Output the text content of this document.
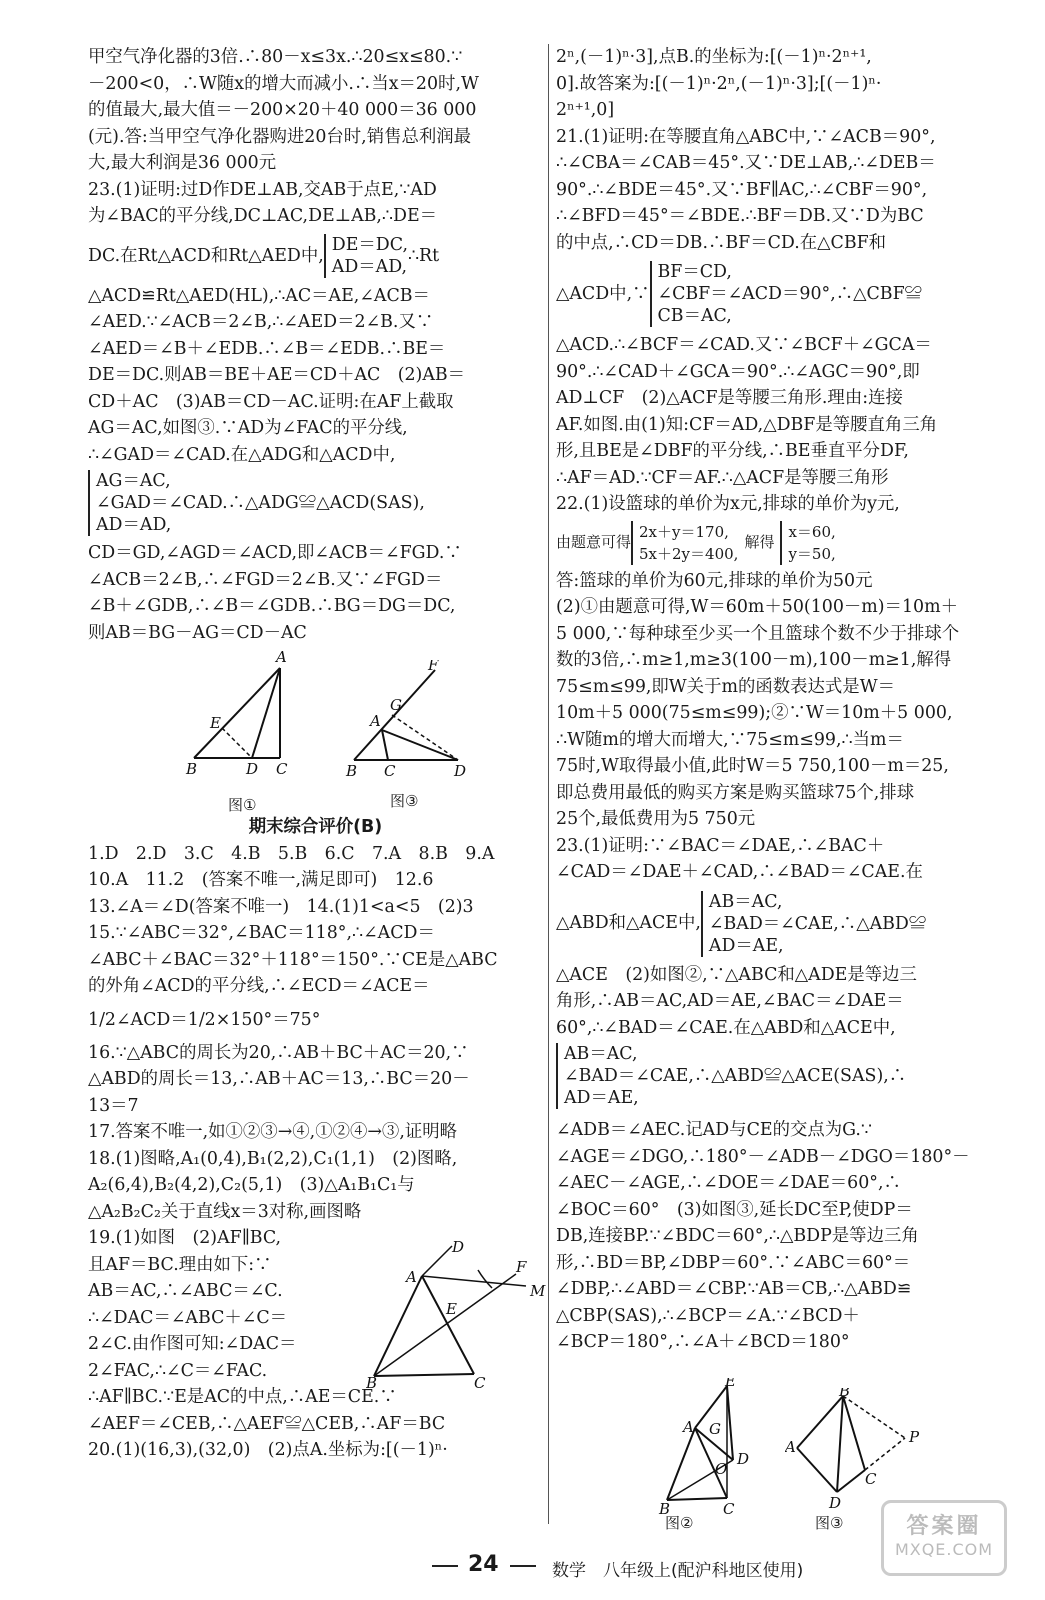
甲空气净化器的3倍.∴80－x≤3x.∴20≤x≤80.∵
－200<0，∴W随x的增大而减小.∴当x＝20时,W
的值最大,最大值＝－200×20＋40 000＝36 000
(元).答:当甲空气净化器购进20台时,销售总利润最
大,最大利润是36 000元
23.(1)证明:过D作DE⊥AB,交AB于点E,∵AD
为∠BAC的平分线,DC⊥AC,DE⊥AB,∴DE＝
DC.在Rt△ACD和Rt△AED中,
DE＝DC,
AD＝AD,
∴Rt
△ACD≌Rt△AED(HL),∴AC＝AE,∠ACB＝
∠AED.∵∠ACB＝2∠B,∴∠AED＝2∠B.又∵
∠AED＝∠B＋∠EDB.∴∠B＝∠EDB.∴BE＝
DE＝DC.则AB＝BE＋AE＝CD＋AC　(2)AB＝
CD＋AC　(3)AB＝CD－AC.证明:在AF上截取
AG＝AC,如图③.∵AD为∠FAC的平分线,
∴∠GAD＝∠CAD.在△ADG和△ACD中,
AG＝AC,
∠GAD＝∠CAD.∴△ADG≌△ACD(SAS),
AD＝AD,
CD＝GD,∠AGD＝∠ACD,即∠ACB＝∠FGD.∵
∠ACB＝2∠B,∴∠FGD＝2∠B.又∵∠FGD＝
∠B＋∠GDB,∴∠B＝∠GDB.∴BG＝DG＝DC,
则AB＝BG－AG＝CD－AC
期末综合评价(B)
1.D　2.D　3.C　4.B　5.B　6.C　7.A　8.B　9.A
10.A　11.2　(答案不唯一,满足即可)　12.6
13.∠A＝∠D(答案不唯一)　14.(1)1<a<5　(2)3
15.∵∠ABC＝32°,∠BAC＝118°,∴∠ACD＝
∠ABC＋∠BAC＝32°＋118°＝150°.∵CE是△ABC
的外角∠ACD的平分线,∴∠ECD＝∠ACE＝
1/2∠ACD＝1/2×150°＝75°
16.∵△ABC的周长为20,∴AB＋BC＋AC＝20,∵
△ABD的周长＝13,∴AB＋AC＝13,∴BC＝20－
13＝7
17.答案不唯一,如①②③→④,①②④→③,证明略
18.(1)图略,A₁(0,4),B₁(2,2),C₁(1,1)　(2)图略,
A₂(6,4),B₂(4,2),C₂(5,1)　(3)△A₁B₁C₁与
△A₂B₂C₂关于直线x＝3对称,画图略
19.(1)如图　(2)AF∥BC,
且AF＝BC.理由如下:∵
AB＝AC,∴∠ABC＝∠C.
∴∠DAC＝∠ABC＋∠C＝
2∠C.由作图可知:∠DAC＝
2∠FAC,∴∠C＝∠FAC.
∴AF∥BC.∵E是AC的中点,∴AE＝CE.∵
∠AEF＝∠CEB,∴△AEF≌△CEB,∴AF＝BC
20.(1)(16,3),(32,0)　(2)点A.坐标为:[(－1)ⁿ·
A
E
B	D C
图①
F
G
A
B C	D
图③
D
A
F
M
E
B	C
2ⁿ,(－1)ⁿ·3],点B.的坐标为:[(－1)ⁿ·2ⁿ⁺¹,
0].故答案为:[(－1)ⁿ·2ⁿ,(－1)ⁿ·3];[(－1)ⁿ·
2ⁿ⁺¹,0]
21.(1)证明:在等腰直角△ABC中,∵∠ACB＝90°,
∴∠CBA＝∠CAB＝45°.又∵DE⊥AB,∴∠DEB＝
90°.∴∠BDE＝45°.又∵BF∥AC,∴∠CBF＝90°,
∴∠BFD＝45°＝∠BDE.∴BF＝DB.又∵D为BC
的中点,∴CD＝DB.∴BF＝CD.在△CBF和
△ACD中,∵
BF＝CD,
∠CBF＝∠ACD＝90°,∴△CBF≌
CB＝AC,
△ACD.∴∠BCF＝∠CAD.又∵∠BCF＋∠GCA＝
90°.∴∠CAD＋∠GCA＝90°.∴∠AGC＝90°,即
AD⊥CF　(2)△ACF是等腰三角形.理由:连接
AF.如图.由(1)知:CF＝AD,△DBF是等腰直角三角
形,且BE是∠DBF的平分线,∴BE垂直平分DF,
∴AF＝AD.∵CF＝AF.∴△ACF是等腰三角形
22.(1)设篮球的单价为x元,排球的单价为y元,
由题意可得
2x＋y＝170,
5x＋2y＝400,
解得
x＝60,
y＝50,
答:篮球的单价为60元,排球的单价为50元
(2)①由题意可得,W＝60m＋50(100－m)＝10m＋
5 000,∵每种球至少买一个且篮球个数不少于排球个
数的3倍,∴m≥1,m≥3(100－m),100－m≥1,解得
75≤m≤99,即W关于m的函数表达式是W＝
10m＋5 000(75≤m≤99);②∵W＝10m＋5 000,
∴W随m的增大而增大,∵75≤m≤99,∴当m＝
75时,W取得最小值,此时W＝5 750,100－m＝25,
即总费用最低的购买方案是购买篮球75个,排球
25个,最低费用为5 750元
23.(1)证明:∵∠BAC＝∠DAE,∴∠BAC＋
∠CAD＝∠DAE＋∠CAD,∴∠BAD＝∠CAE.在
△ABD和△ACE中,
AB＝AC,
∠BAD＝∠CAE,∴△ABD≌
AD＝AE,
△ACE　(2)如图②,∵△ABC和△ADE是等边三
角形,∴AB＝AC,AD＝AE,∠BAC＝∠DAE＝
60°,∴∠BAD＝∠CAE.在△ABD和△ACE中,
AB＝AC,
∠BAD＝∠CAE,∴△ABD≌△ACE(SAS),∴
AD＝AE,
∠ADB＝∠AEC.记AD与CE的交点为G.∵
∠AGE＝∠DGO,∴180°－∠ADB－∠DGO＝180°－
∠AEC－∠AGE,∴∠DOE＝∠DAE＝60°,∴
∠BOC＝60°　(3)如图③,延长DC至P,使DP＝
DB,连接BP.∵∠BDC＝60°,∴△BDP是等边三角
形,∴BD＝BP,∠DBP＝60°.∵∠ABC＝60°＝
∠DBP,∴∠ABD＝∠CBP.∵AB＝CB,∴△ABD≌
△CBP(SAS),∴∠BCP＝∠A.∵∠BCD＋
∠BCP＝180°,∴∠A＋∠BCD＝180°
E
A G
D
O
B	C
图②
B
A
P
C
D
图③
24	数学　八年级上(配沪科地区使用)
答案圈
MXQE.COM
